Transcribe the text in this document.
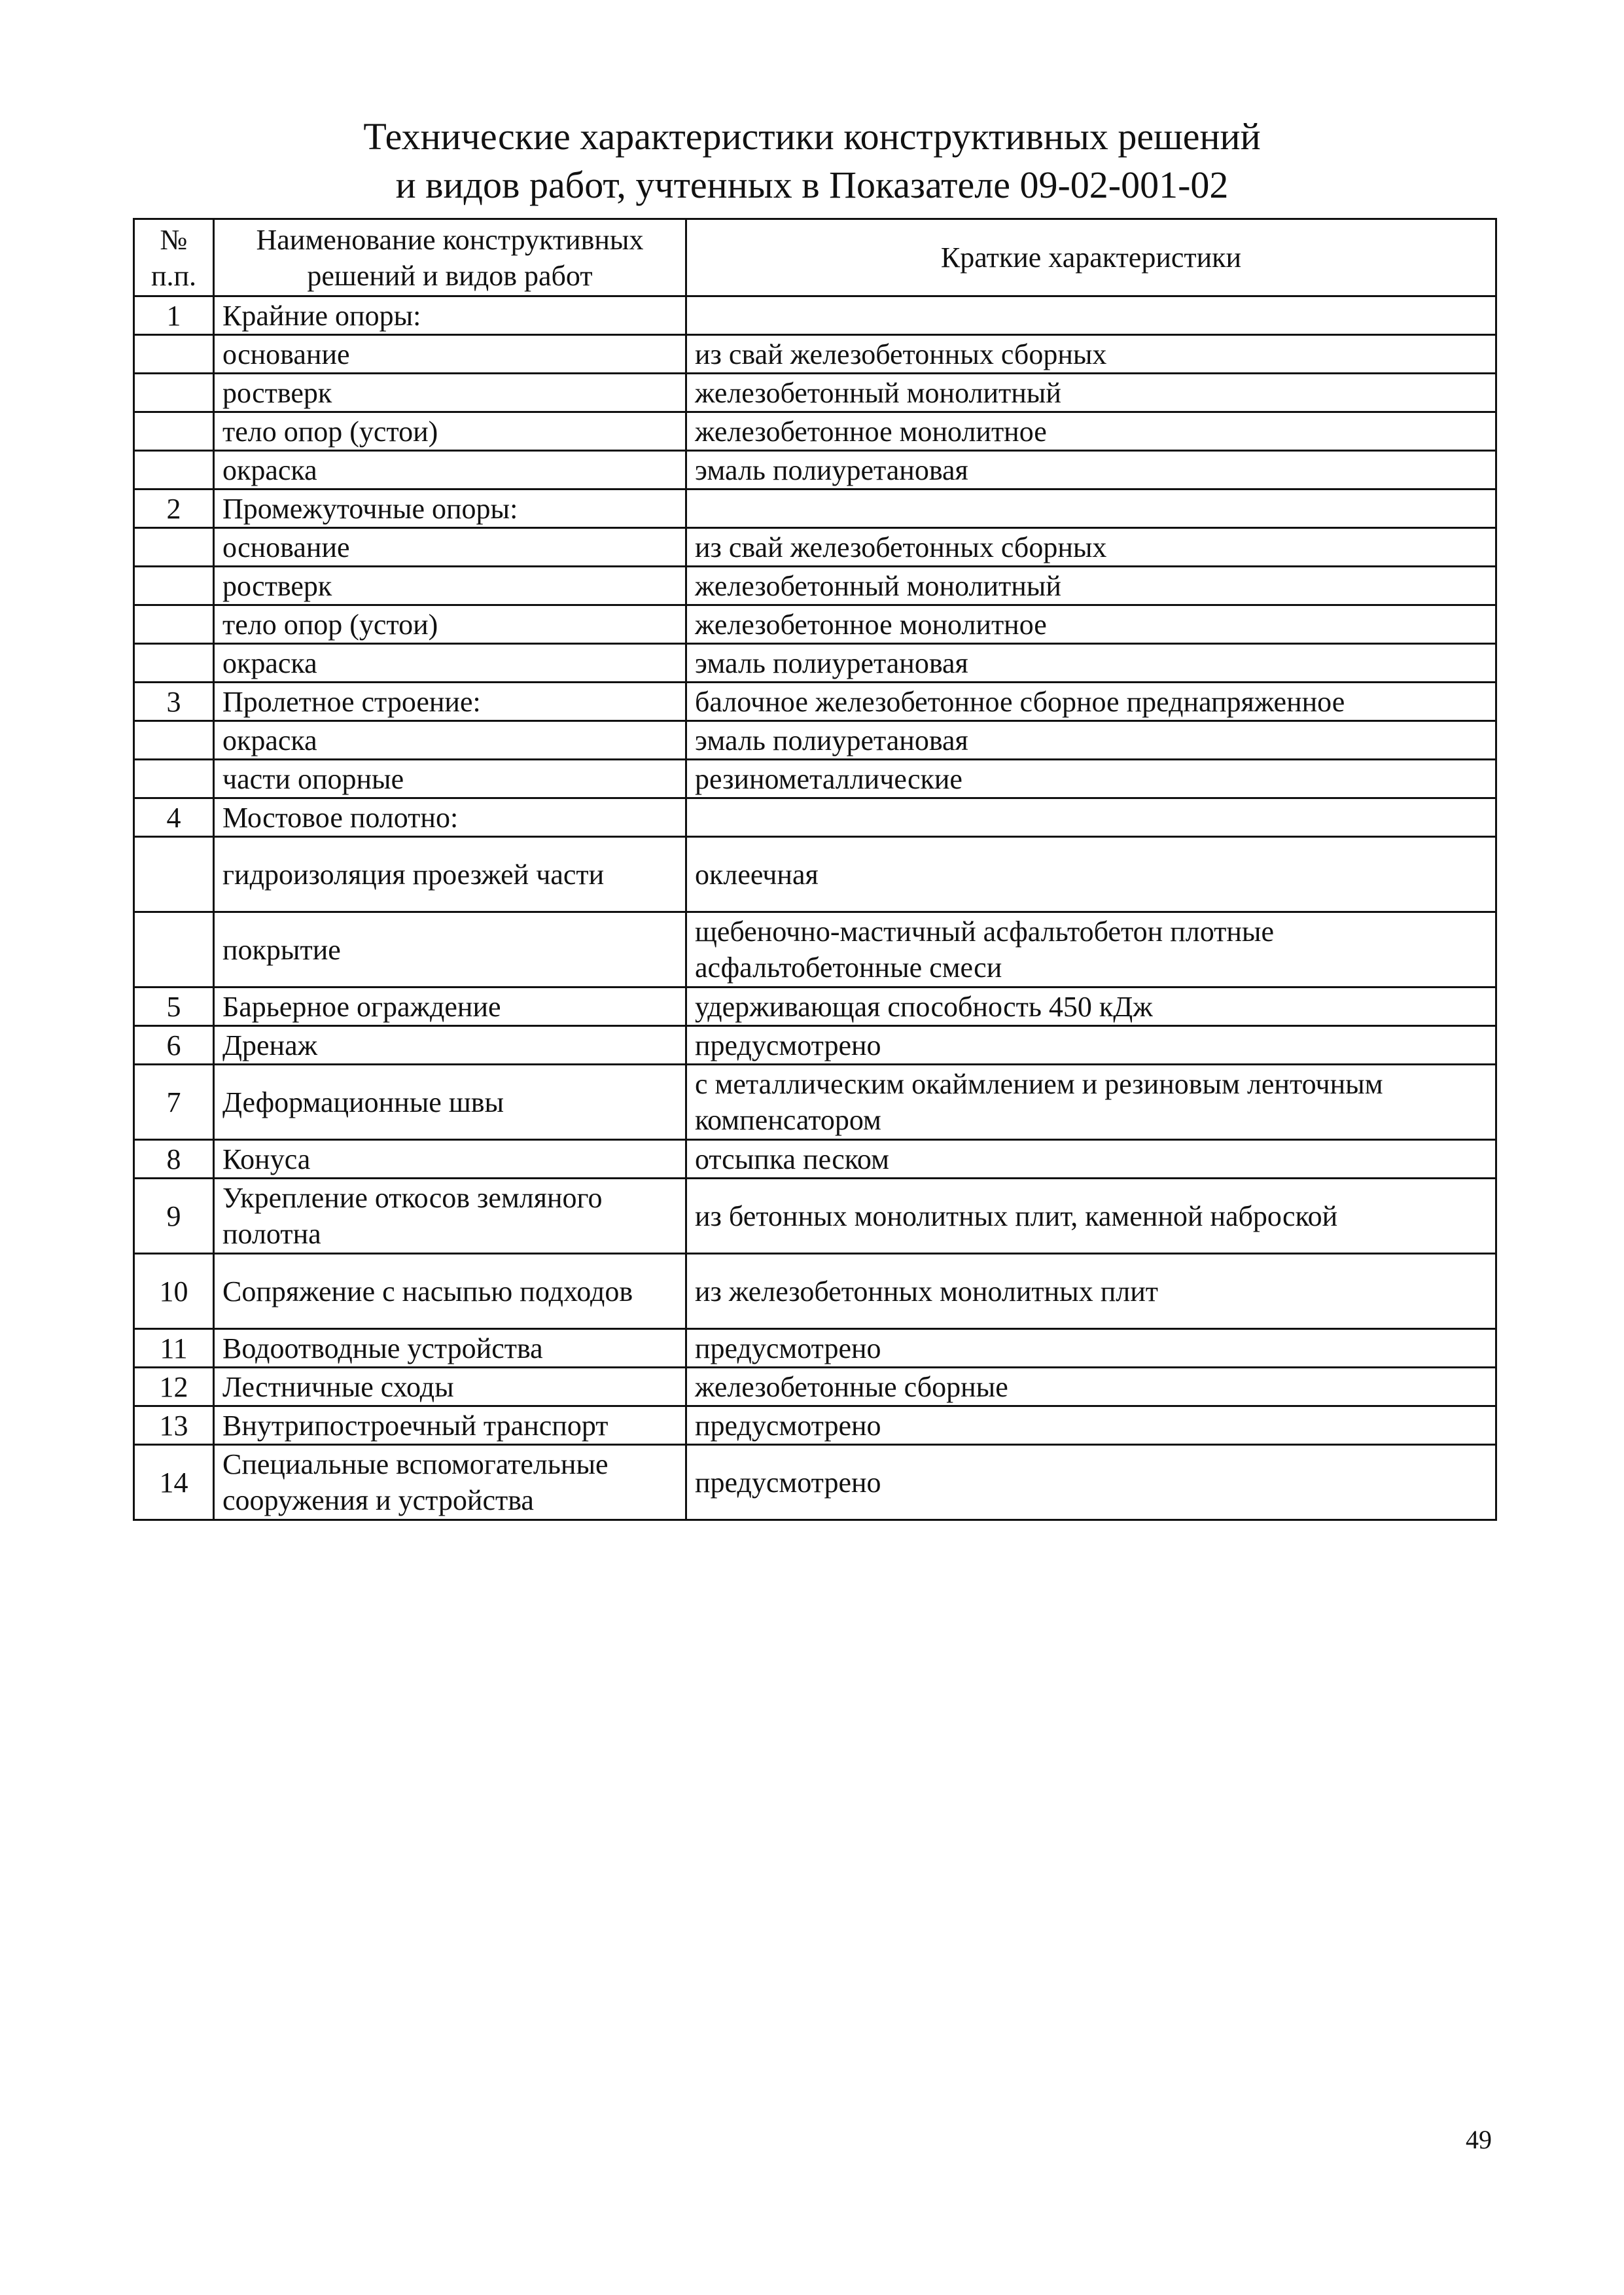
Технические характеристики конструктивных решений
и видов работ, учтенных в Показателе 09-02-001-02
№ п.п.	Наименование конструктивных решений и видов работ	Краткие характеристики
1	Крайние опоры:	
	основание	из свай железобетонных сборных
	ростверк	железобетонный монолитный
	тело опор (устои)	железобетонное монолитное
	окраска	эмаль полиуретановая
2	Промежуточные опоры:	
	основание	из свай железобетонных сборных
	ростверк	железобетонный монолитный
	тело опор (устои)	железобетонное монолитное
	окраска	эмаль полиуретановая
3	Пролетное строение:	балочное железобетонное сборное преднапряженное
	окраска	эмаль полиуретановая
	части опорные	резинометаллические
4	Мостовое полотно:	
	гидроизоляция проезжей части	оклеечная
	покрытие	щебеночно-мастичный асфальтобетон плотные асфальтобетонные смеси
5	Барьерное ограждение	удерживающая способность 450 кДж
6	Дренаж	предусмотрено
7	Деформационные швы	с металлическим окаймлением и резиновым ленточным компенсатором
8	Конуса	отсыпка песком
9	Укрепление откосов земляного полотна	из бетонных монолитных плит, каменной наброской
10	Сопряжение с насыпью подходов	из железобетонных монолитных плит
11	Водоотводные устройства	предусмотрено
12	Лестничные сходы	железобетонные сборные
13	Внутрипостроечный транспорт	предусмотрено
14	Специальные вспомогательные сооружения и устройства	предусмотрено
49
